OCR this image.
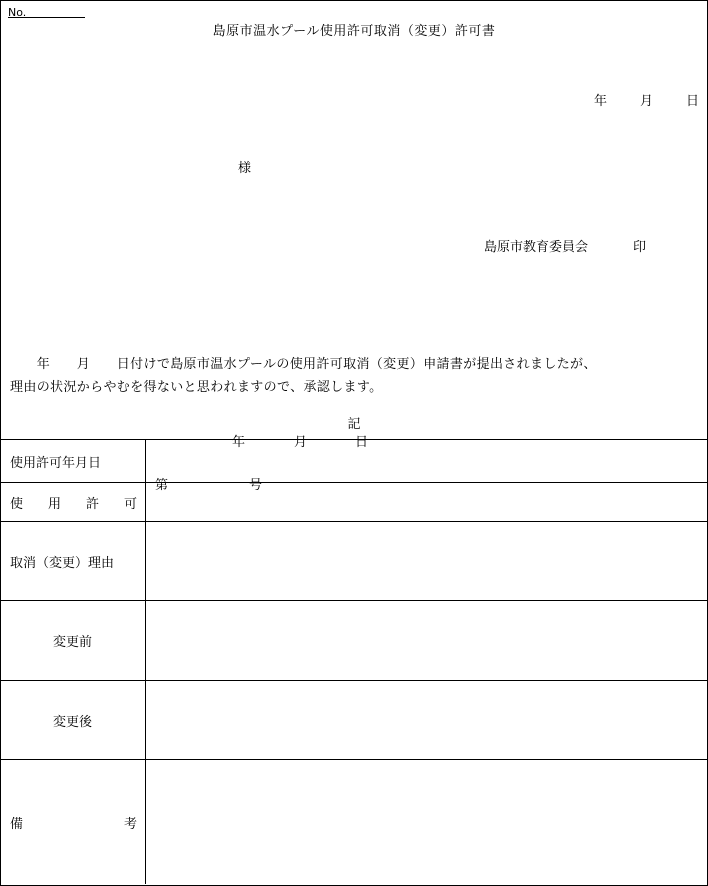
No.
島原市温水プール使用許可取消（変更）許可書
年	月	日
様
島原市教育委員会	印
　　年　　月　　日付けで島原市温水プールの使用許可取消（変更）申請書が提出されましたが、
理由の状況からやむを得ないと思われますので、承認します。
記
使用許可年月日	年 月 日

使 用 許 可	第 号

取消（変更）理由	
変更前	
変更後	

備 考	
